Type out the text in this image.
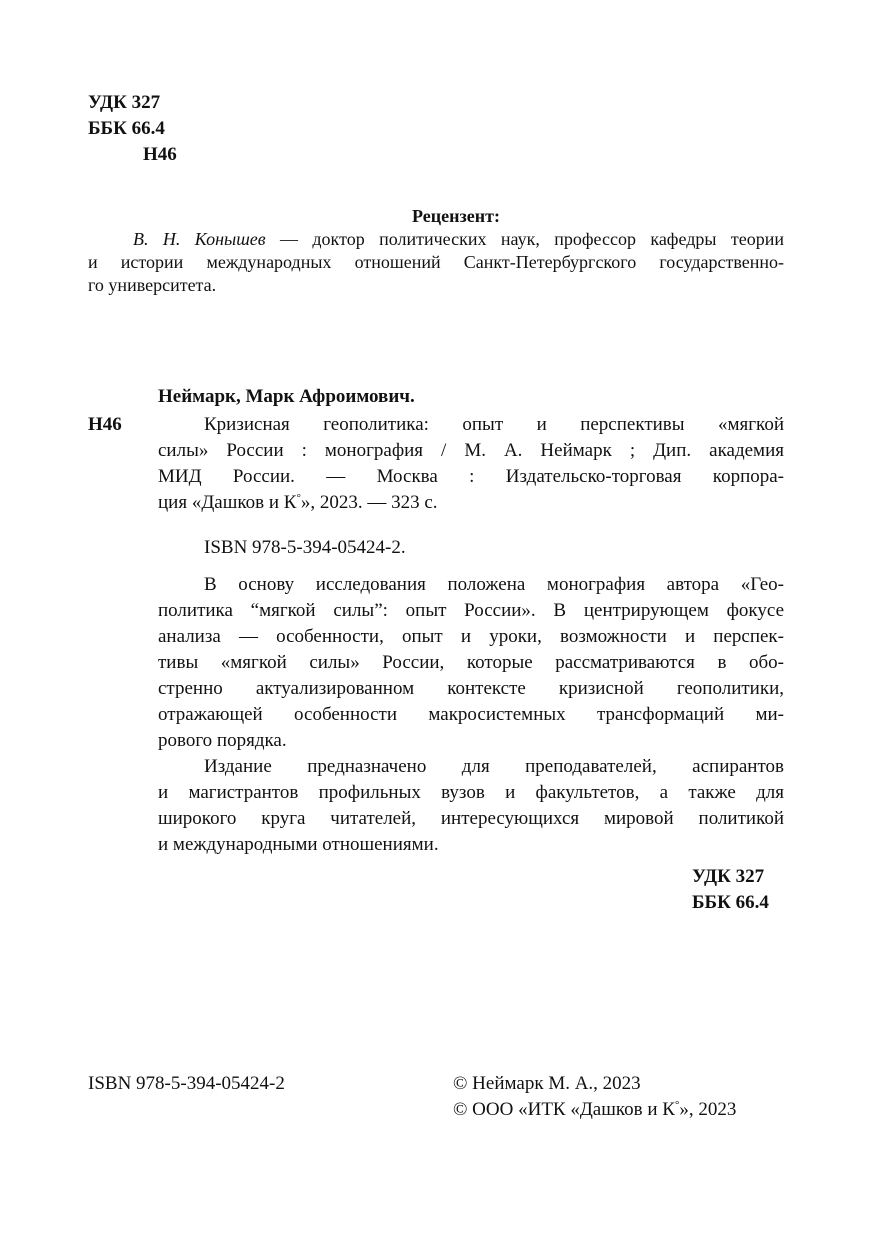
УДК 327
ББК 66.4
Н46
Рецензент:
В. Н. Конышев — доктор политических наук, профессор кафедры теории
и истории международных отношений Санкт-Петербургского государственно-
го университета.
Неймарк, Марк Афроимович.
Н46	Кризисная геополитика: опыт и перспективы «мягкой
силы» России : монография / М. А. Неймарк ; Дип. академия
МИД России. — Москва : Издательско-торговая корпора-
ция «Дашков и К°», 2023. — 323 с.
ISBN 978-5-394-05424-2.
В основу исследования положена монография автора «Гео-
политика “мягкой силы”: опыт России». В центрирующем фокусе
анализа — особенности, опыт и уроки, возможности и перспек-
тивы «мягкой силы» России, которые рассматриваются в обо-
стренно актуализированном контексте кризисной геополитики,
отражающей особенности макросистемных трансформаций ми-
рового порядка.
Издание предназначено для преподавателей, аспирантов
и магистрантов профильных вузов и факультетов, а также для
широкого круга читателей, интересующихся мировой политикой
и международными отношениями.
УДК 327
ББК 66.4
ISBN 978-5-394-05424-2	© Неймарк М. А., 2023
© ООО «ИТК «Дашков и К°», 2023
